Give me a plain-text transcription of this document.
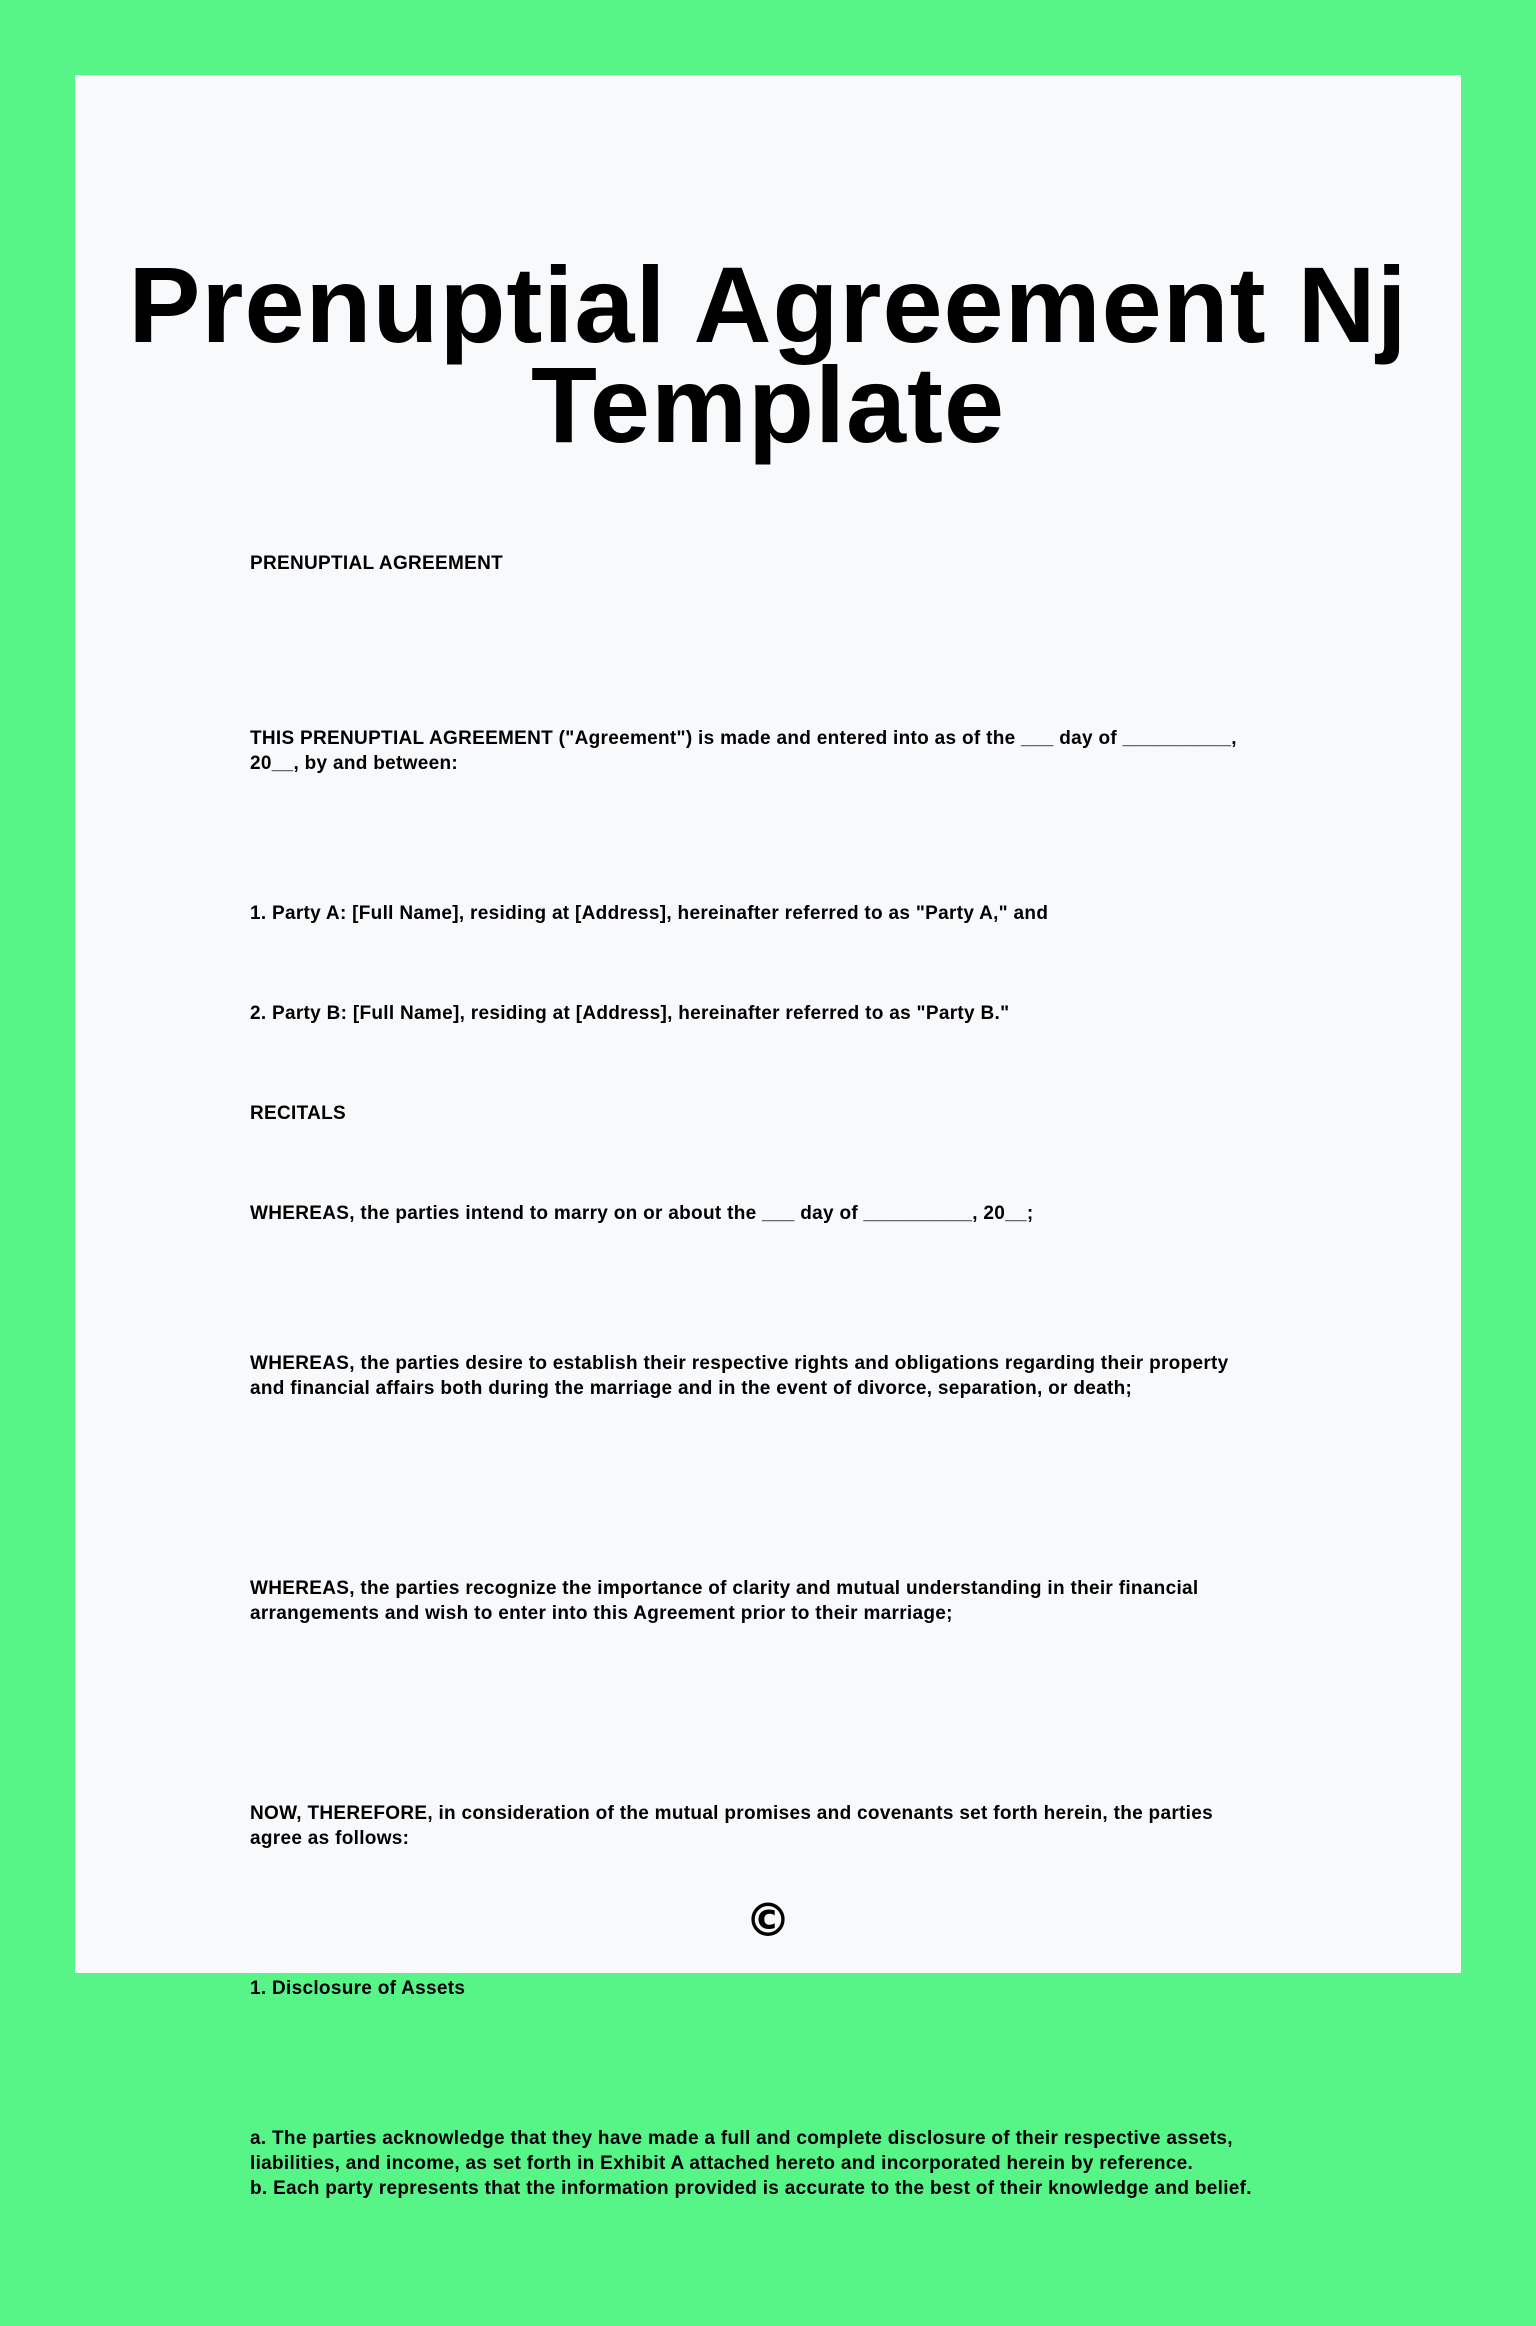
Prenuptial Agreement Nj
Template

PRENUPTIAL AGREEMENT

THIS PRENUPTIAL AGREEMENT ("Agreement") is made and entered into as of the ___ day of __________,
20__, by and between:

1. Party A: [Full Name], residing at [Address], hereinafter referred to as "Party A," and

2. Party B: [Full Name], residing at [Address], hereinafter referred to as "Party B."

RECITALS

WHEREAS, the parties intend to marry on or about the ___ day of __________, 20__;

WHEREAS, the parties desire to establish their respective rights and obligations regarding their property
and financial affairs both during the marriage and in the event of divorce, separation, or death;

WHEREAS, the parties recognize the importance of clarity and mutual understanding in their financial
arrangements and wish to enter into this Agreement prior to their marriage;

NOW, THEREFORE, in consideration of the mutual promises and covenants set forth herein, the parties
agree as follows:

1. Disclosure of Assets

a. The parties acknowledge that they have made a full and complete disclosure of their respective assets,
liabilities, and income, as set forth in Exhibit A attached hereto and incorporated herein by reference.
b. Each party represents that the information provided is accurate to the best of their knowledge and belief.

©
